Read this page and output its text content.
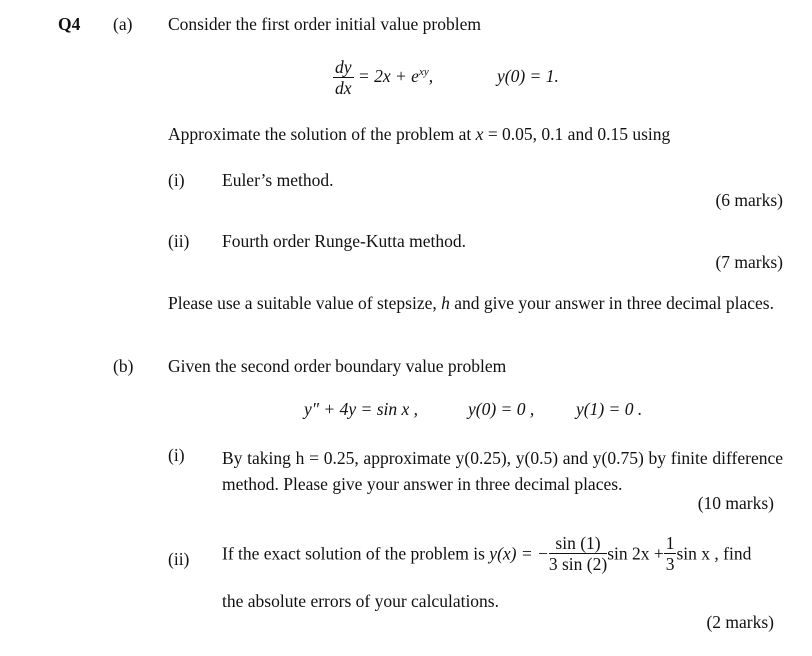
Q4 (a) Consider the first order initial value problem
$\frac{dy}{dx} = 2x + e^{xy}$,	y(0) = 1.
Approximate the solution of the problem at x = 0.05, 0.1 and 0.15 using
(i) Euler’s method.
(6 marks)
(ii) Fourth order Runge-Kutta method.
(7 marks)
Please use a suitable value of stepsize, h and give your answer in three decimal places.
(b) Given the second order boundary value problem
y″ + 4y = sin x ,	y(0) = 0 , y(1) = 0 .
(i) By taking h = 0.25, approximate y(0.25), y(0.5) and y(0.75) by finite difference method. Please give your answer in three decimal places.
(10 marks)
(ii) If the exact solution of the problem is y(x) = − $\frac{\sin (1)}{3 \sin (2)}$ $\sin 2x + \frac{1}{3}$ sin x , find
the absolute errors of your calculations.
(2 marks)
